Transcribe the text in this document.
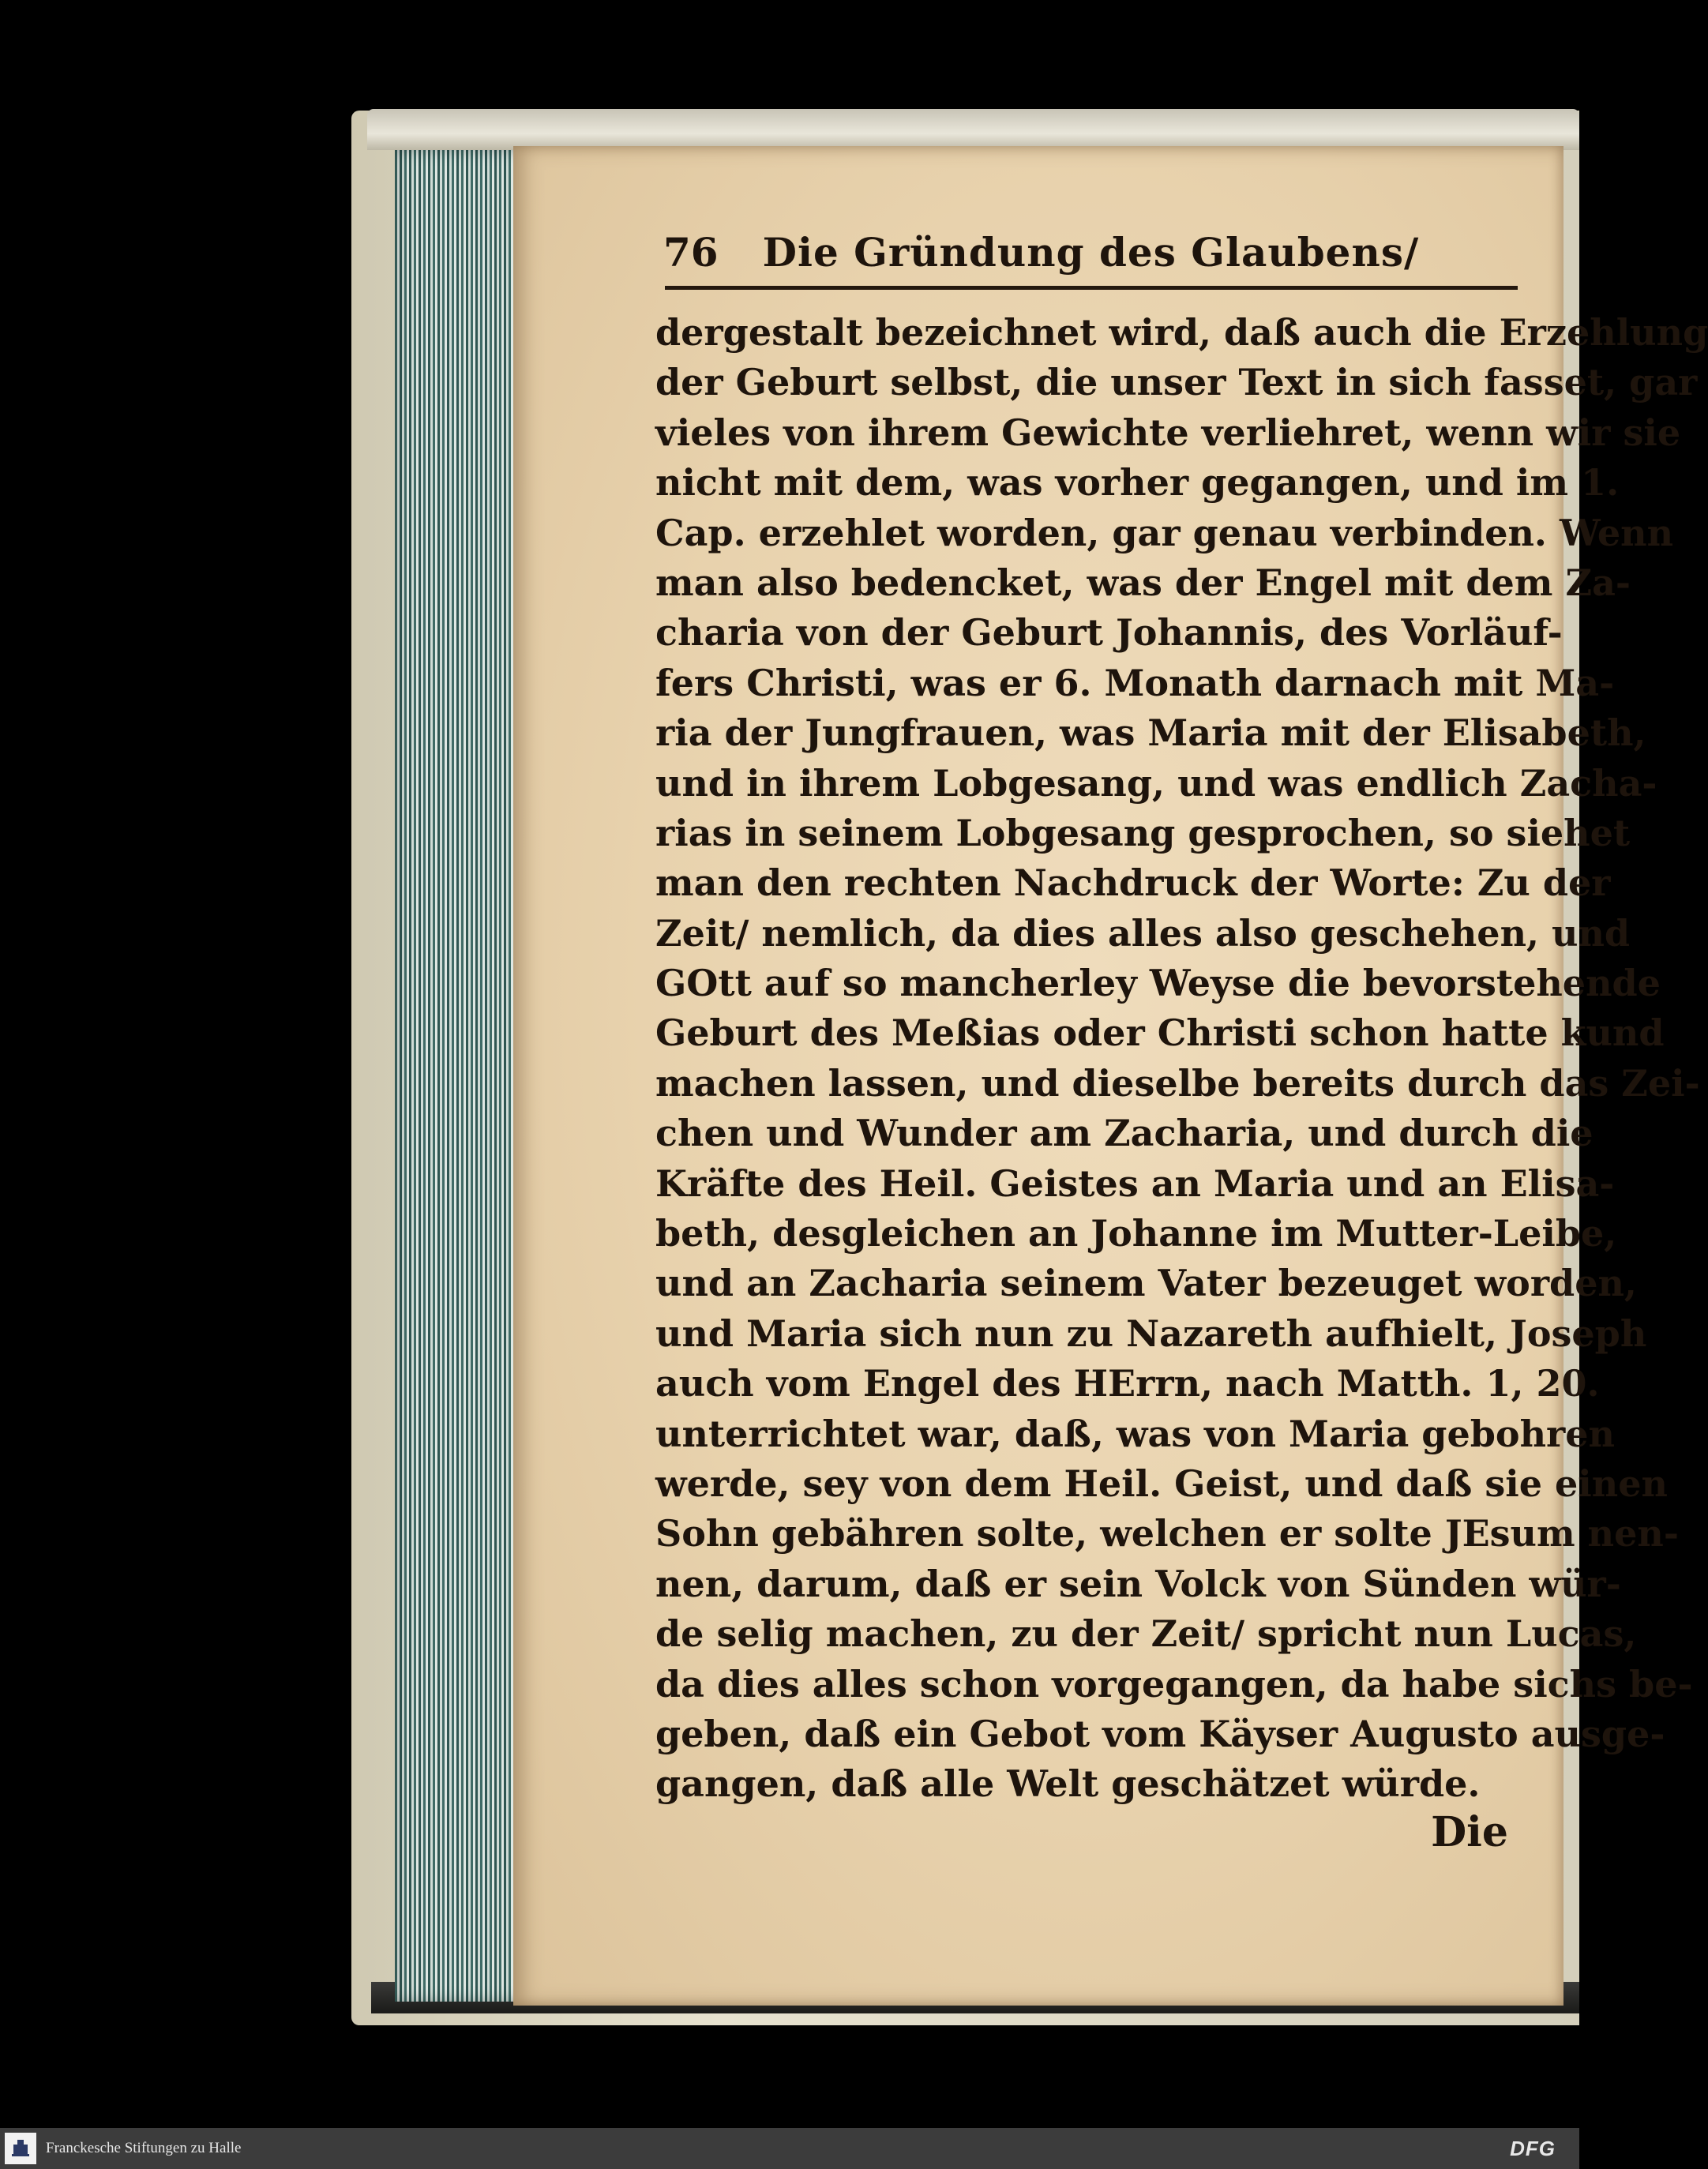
76 Die Gründung des Glaubens/
dergestalt bezeichnet wird, daß auch die Erzehlung
der Geburt selbst, die unser Text in sich fasset, gar
vieles von ihrem Gewichte verliehret, wenn wir sie
nicht mit dem, was vorher gegangen, und im 1.
Cap. erzehlet worden, gar genau verbinden. Wenn
man also bedencket, was der Engel mit dem Za-
charia von der Geburt Johannis, des Vorläuf-
fers Christi, was er 6. Monath darnach mit Ma-
ria der Jungfrauen, was Maria mit der Elisabeth,
und in ihrem Lobgesang, und was endlich Zacha-
rias in seinem Lobgesang gesprochen, so siehet
man den rechten Nachdruck der Worte: Zu der
Zeit/ nemlich, da dies alles also geschehen, und
GOtt auf so mancherley Weyse die bevorstehende
Geburt des Meßias oder Christi schon hatte kund
machen lassen, und dieselbe bereits durch das Zei-
chen und Wunder am Zacharia, und durch die
Kräfte des Heil. Geistes an Maria und an Elisa-
beth, desgleichen an Johanne im Mutter-Leibe,
und an Zacharia seinem Vater bezeuget worden,
und Maria sich nun zu Nazareth aufhielt, Joseph
auch vom Engel des HErrn, nach Matth. 1, 20.
unterrichtet war, daß, was von Maria gebohren
werde, sey von dem Heil. Geist, und daß sie einen
Sohn gebähren solte, welchen er solte JEsum nen-
nen, darum, daß er sein Volck von Sünden wür-
de selig machen, zu der Zeit/ spricht nun Lucas,
da dies alles schon vorgegangen, da habe sichs be-
geben, daß ein Gebot vom Käyser Augusto ausge-
gangen, daß alle Welt geschätzet würde.
Die
Franckesche Stiftungen zu Halle	DFG
